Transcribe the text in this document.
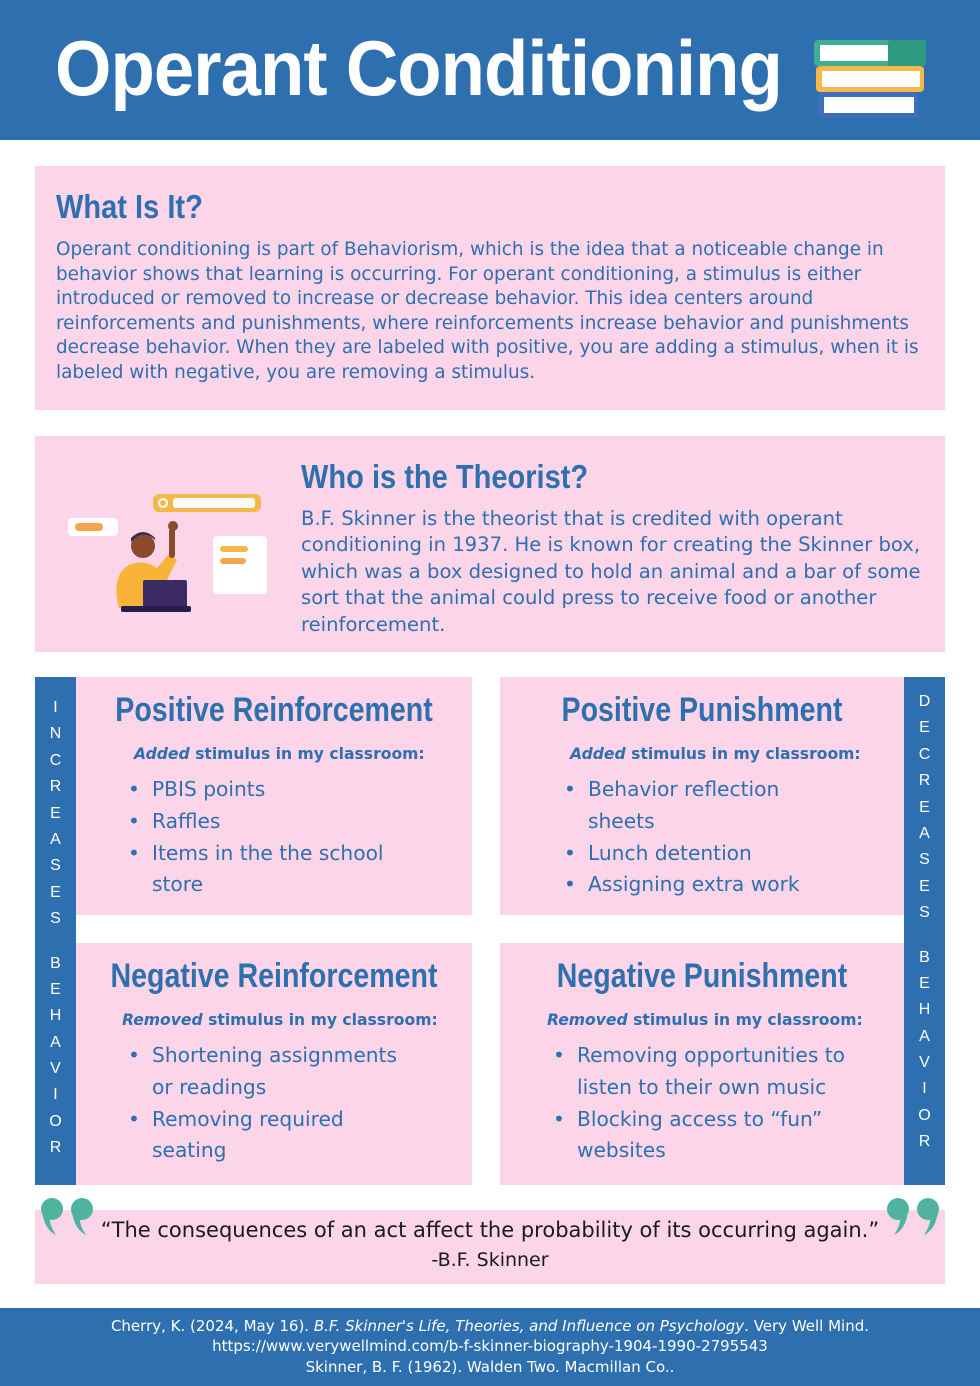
Operant Conditioning
What Is It?
Operant conditioning is part of Behaviorism, which is the idea that a noticeable change in behavior shows that learning is occurring. For operant conditioning, a stimulus is either introduced or removed to increase or decrease behavior. This idea centers around reinforcements and punishments, where reinforcements increase behavior and punishments decrease behavior. When they are labeled with positive, you are adding a stimulus, when it is labeled with negative, you are removing a stimulus.
Who is the Theorist?
B.F. Skinner is the theorist that is credited with operant conditioning in 1937. He is known for creating the Skinner box, which was a box designed to hold an animal and a bar of some sort that the animal could press to receive food or another reinforcement.
I
N
C
R
E
A
S
E
S

B
E
H
A
V
I
O
R
D
E
C
R
E
A
S
E
S

B
E
H
A
V
I
O
R
Positive Reinforcement
Added stimulus in my classroom:
• PBIS points
• Raffles
• Items in the the school
store
Positive Punishment
Added stimulus in my classroom:
• Behavior reflection
sheets
• Lunch detention
• Assigning extra work
Negative Reinforcement
Removed stimulus in my classroom:
• Shortening assignments
or readings
• Removing required
seating
Negative Punishment
Removed stimulus in my classroom:
• Removing opportunities to
listen to their own music
• Blocking access to “fun”
websites
“The consequences of an act affect the probability of its occurring again.”
-B.F. Skinner
Cherry, K. (2024, May 16). B.F. Skinner's Life, Theories, and Influence on Psychology. Very Well Mind.
https://www.verywellmind.com/b-f-skinner-biography-1904-1990-2795543
Skinner, B. F. (1962). Walden Two. Macmillan Co..
